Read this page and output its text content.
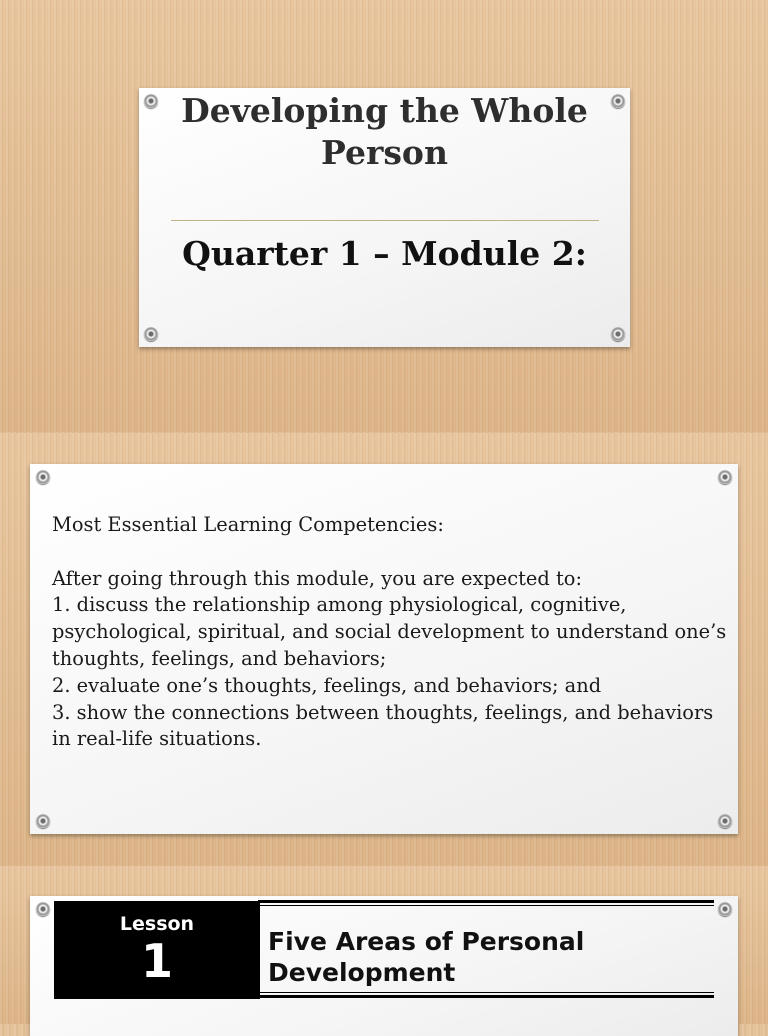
Developing the Whole Person
Quarter 1 – Module 2:

Most Essential Learning Competencies:

After going through this module, you are expected to:

1. discuss the relationship among physiological, cognitive, psychological, spiritual, and social development to understand one’s thoughts, feelings, and behaviors;

2. evaluate one’s thoughts, feelings, and behaviors; and

3. show the connections between thoughts, feelings, and behaviors in real-life situations.

Lesson
1	Five Areas of Personal Development
